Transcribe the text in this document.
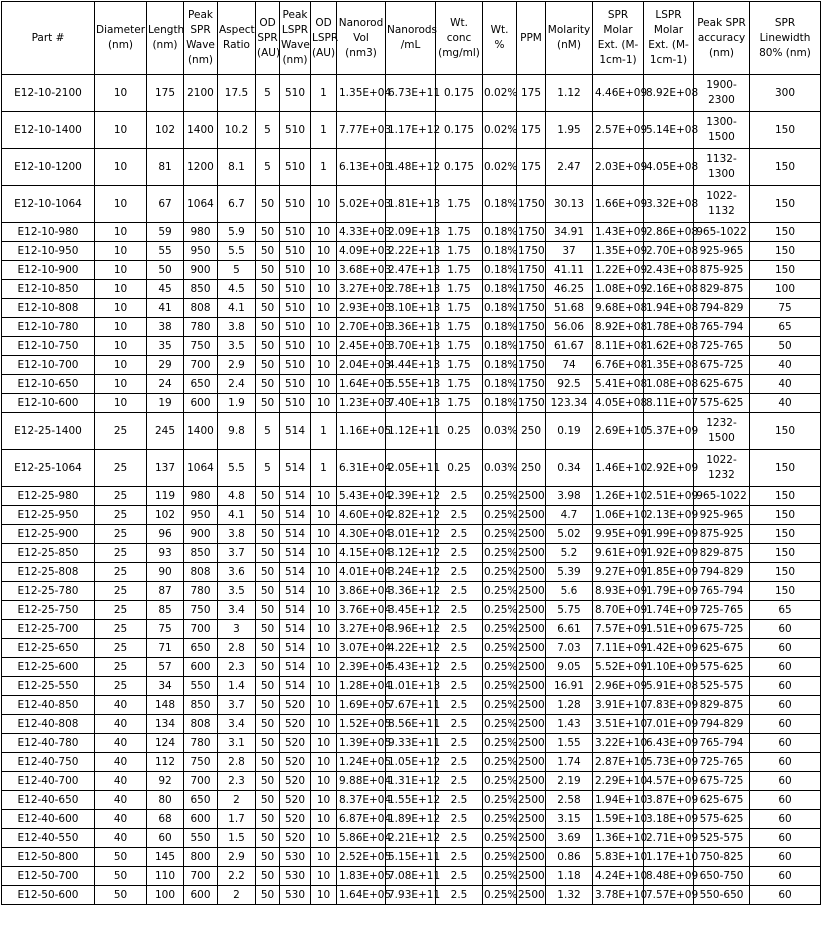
Part #	Diameter (nm)	Length (nm)	Peak SPR Wave (nm)	Aspect Ratio	OD SPR (AU)	Peak LSPR Wave (nm)	OD LSPR (AU)	Nanorod Vol (nm3)	Nanorods /mL	Wt. conc (mg/ml)	Wt. %	PPM	Molarity (nM)	SPR Molar Ext. (M-1cm-1)	LSPR Molar Ext. (M-1cm-1)	Peak SPR accuracy (nm)	SPR Linewidth 80% (nm)
E12-10-2100	10	175	2100	17.5	5	510	1	1.35E+04	6.73E+11	0.175	0.02%	175	1.12	4.46E+09	8.92E+08	1900-2300	300
E12-10-1400	10	102	1400	10.2	5	510	1	7.77E+03	1.17E+12	0.175	0.02%	175	1.95	2.57E+09	5.14E+08	1300-1500	150
E12-10-1200	10	81	1200	8.1	5	510	1	6.13E+03	1.48E+12	0.175	0.02%	175	2.47	2.03E+09	4.05E+08	1132-1300	150
E12-10-1064	10	67	1064	6.7	50	510	10	5.02E+03	1.81E+13	1.75	0.18%	1750	30.13	1.66E+09	3.32E+08	1022-1132	150
E12-10-980	10	59	980	5.9	50	510	10	4.33E+03	2.09E+13	1.75	0.18%	1750	34.91	1.43E+09	2.86E+08	965-1022	150
E12-10-950	10	55	950	5.5	50	510	10	4.09E+03	2.22E+13	1.75	0.18%	1750	37	1.35E+09	2.70E+08	925-965	150
E12-10-900	10	50	900	5	50	510	10	3.68E+03	2.47E+13	1.75	0.18%	1750	41.11	1.22E+09	2.43E+08	875-925	150
E12-10-850	10	45	850	4.5	50	510	10	3.27E+03	2.78E+13	1.75	0.18%	1750	46.25	1.08E+09	2.16E+08	829-875	100
E12-10-808	10	41	808	4.1	50	510	10	2.93E+03	3.10E+13	1.75	0.18%	1750	51.68	9.68E+08	1.94E+08	794-829	75
E12-10-780	10	38	780	3.8	50	510	10	2.70E+03	3.36E+13	1.75	0.18%	1750	56.06	8.92E+08	1.78E+08	765-794	65
E12-10-750	10	35	750	3.5	50	510	10	2.45E+03	3.70E+13	1.75	0.18%	1750	61.67	8.11E+08	1.62E+08	725-765	50
E12-10-700	10	29	700	2.9	50	510	10	2.04E+03	4.44E+13	1.75	0.18%	1750	74	6.76E+08	1.35E+08	675-725	40
E12-10-650	10	24	650	2.4	50	510	10	1.64E+03	5.55E+13	1.75	0.18%	1750	92.5	5.41E+08	1.08E+08	625-675	40
E12-10-600	10	19	600	1.9	50	510	10	1.23E+03	7.40E+13	1.75	0.18%	1750	123.34	4.05E+08	8.11E+07	575-625	40
E12-25-1400	25	245	1400	9.8	5	514	1	1.16E+05	1.12E+11	0.25	0.03%	250	0.19	2.69E+10	5.37E+09	1232-1500	150
E12-25-1064	25	137	1064	5.5	5	514	1	6.31E+04	2.05E+11	0.25	0.03%	250	0.34	1.46E+10	2.92E+09	1022-1232	150
E12-25-980	25	119	980	4.8	50	514	10	5.43E+04	2.39E+12	2.5	0.25%	2500	3.98	1.26E+10	2.51E+09	965-1022	150
E12-25-950	25	102	950	4.1	50	514	10	4.60E+04	2.82E+12	2.5	0.25%	2500	4.7	1.06E+10	2.13E+09	925-965	150
E12-25-900	25	96	900	3.8	50	514	10	4.30E+04	3.01E+12	2.5	0.25%	2500	5.02	9.95E+09	1.99E+09	875-925	150
E12-25-850	25	93	850	3.7	50	514	10	4.15E+04	3.12E+12	2.5	0.25%	2500	5.2	9.61E+09	1.92E+09	829-875	150
E12-25-808	25	90	808	3.6	50	514	10	4.01E+04	3.24E+12	2.5	0.25%	2500	5.39	9.27E+09	1.85E+09	794-829	150
E12-25-780	25	87	780	3.5	50	514	10	3.86E+04	3.36E+12	2.5	0.25%	2500	5.6	8.93E+09	1.79E+09	765-794	150
E12-25-750	25	85	750	3.4	50	514	10	3.76E+04	3.45E+12	2.5	0.25%	2500	5.75	8.70E+09	1.74E+09	725-765	65
E12-25-700	25	75	700	3	50	514	10	3.27E+04	3.96E+12	2.5	0.25%	2500	6.61	7.57E+09	1.51E+09	675-725	60
E12-25-650	25	71	650	2.8	50	514	10	3.07E+04	4.22E+12	2.5	0.25%	2500	7.03	7.11E+09	1.42E+09	625-675	60
E12-25-600	25	57	600	2.3	50	514	10	2.39E+04	5.43E+12	2.5	0.25%	2500	9.05	5.52E+09	1.10E+09	575-625	60
E12-25-550	25	34	550	1.4	50	514	10	1.28E+04	1.01E+13	2.5	0.25%	2500	16.91	2.96E+09	5.91E+08	525-575	60
E12-40-850	40	148	850	3.7	50	520	10	1.69E+05	7.67E+11	2.5	0.25%	2500	1.28	3.91E+10	7.83E+09	829-875	60
E12-40-808	40	134	808	3.4	50	520	10	1.52E+05	8.56E+11	2.5	0.25%	2500	1.43	3.51E+10	7.01E+09	794-829	60
E12-40-780	40	124	780	3.1	50	520	10	1.39E+05	9.33E+11	2.5	0.25%	2500	1.55	3.22E+10	6.43E+09	765-794	60
E12-40-750	40	112	750	2.8	50	520	10	1.24E+05	1.05E+12	2.5	0.25%	2500	1.74	2.87E+10	5.73E+09	725-765	60
E12-40-700	40	92	700	2.3	50	520	10	9.88E+04	1.31E+12	2.5	0.25%	2500	2.19	2.29E+10	4.57E+09	675-725	60
E12-40-650	40	80	650	2	50	520	10	8.37E+04	1.55E+12	2.5	0.25%	2500	2.58	1.94E+10	3.87E+09	625-675	60
E12-40-600	40	68	600	1.7	50	520	10	6.87E+04	1.89E+12	2.5	0.25%	2500	3.15	1.59E+10	3.18E+09	575-625	60
E12-40-550	40	60	550	1.5	50	520	10	5.86E+04	2.21E+12	2.5	0.25%	2500	3.69	1.36E+10	2.71E+09	525-575	60
E12-50-800	50	145	800	2.9	50	530	10	2.52E+05	5.15E+11	2.5	0.25%	2500	0.86	5.83E+10	1.17E+10	750-825	60
E12-50-700	50	110	700	2.2	50	530	10	1.83E+05	7.08E+11	2.5	0.25%	2500	1.18	4.24E+10	8.48E+09	650-750	60
E12-50-600	50	100	600	2	50	530	10	1.64E+05	7.93E+11	2.5	0.25%	2500	1.32	3.78E+10	7.57E+09	550-650	60
